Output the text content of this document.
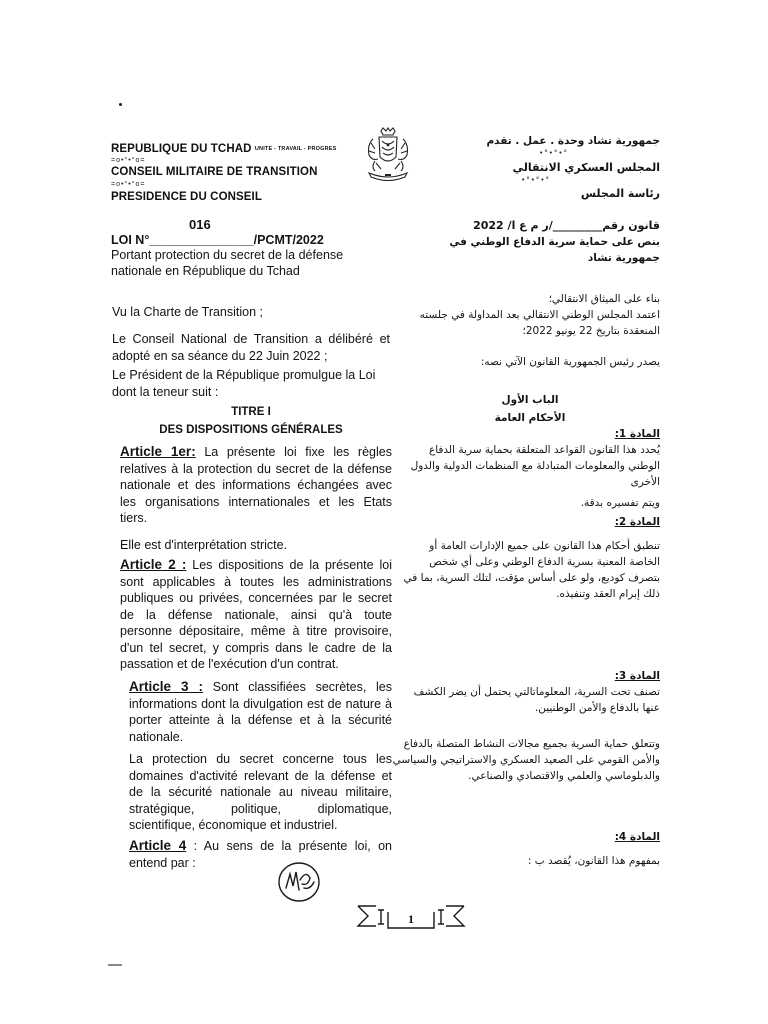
REPUBLIQUE DU TCHAD UNITE - TRAVAIL - PROGRES
=o•°•°o=
CONSEIL MILITAIRE DE TRANSITION
=o•°•°o=
PRESIDENCE DU CONSEIL
جمهورية تشاد وحدة . عمل . تقدم
°•°•°•
المجلس العسكري الانتقالي
°•°•°•
رئاسة المجلس
016
LOI N°_______________/PCMT/2022
Portant protection du secret de la défense nationale en République du Tchad
قانون رقم_________/ر م ع ا/ 2022
بنص على حماية سرية الدفاع الوطني في جمهورية تشاد
Vu la Charte de Transition ;
Le Conseil National de Transition a délibéré et adopté en sa séance du 22 Juin 2022 ;
Le Président de la République promulgue la Loi dont la teneur suit :
TITRE I
DES DISPOSITIONS GÉNÉRALES
Article 1er: La présente loi fixe les règles relatives à la protection du secret de la défense nationale et des informations échangées avec les organisations internationales et les Etats tiers.
Elle est d'interprétation stricte.
Article 2 : Les dispositions de la présente loi sont applicables à toutes les administrations publiques ou privées, concernées par le secret de la défense nationale, ainsi qu'à toute personne dépositaire, même à titre provisoire, d'un tel secret, y compris dans le cadre de la passation et de l'exécution d'un contrat.
Article 3 : Sont classifiées secrètes, les informations dont la divulgation est de nature à porter atteinte à la défense et à la sécurité nationale.
La protection du secret concerne tous les domaines d'activité relevant de la défense et de la sécurité nationale au niveau militaire, stratégique, politique, diplomatique, scientifique, économique et industriel.
Article 4 : Au sens de la présente loi, on entend par :
بناء على الميثاق الانتقالي؛
اعتمد المجلس الوطني الانتقالي بعد المداولة في جلسته المنعقدة بتاريخ 22 يونيو 2022؛
يصدر رئيس الجمهورية القانون الآتي نصه:
الباب الأول
الأحكام العامة
المادة 1:
يُحدد هذا القانون القواعد المتعلقة بحماية سرية الدفاع الوطني والمعلومات المتبادلة مع المنظمات الدولية والدول الأخرى
ويتم تفسيره بدقة.
المادة 2:
تنطبق أحكام هذا القانون على جميع الإدارات العامة أو الخاصة المعنية بسرية الدفاع الوطني وعلى أي شخص بتصرف كوديع، ولو على أساس مؤقت، لتلك السرية، بما في ذلك إبرام العقد وتنفيذه.
المادة 3:
تصنف تحت السرية، المعلوماتالتي يحتمل أن يضر الكشف عنها بالدفاع والأمن الوطنيين.
وتتعلق حماية السرية بجميع مجالات النشاط المتصلة بالدفاع والأمن القومي على الصعيد العسكري والاستراتيجي والسياسي والدبلوماسي والعلمي والاقتصادي والصناعي.
المادة 4:
بمفهوم هذا القانون، يُقصد ب :
1
